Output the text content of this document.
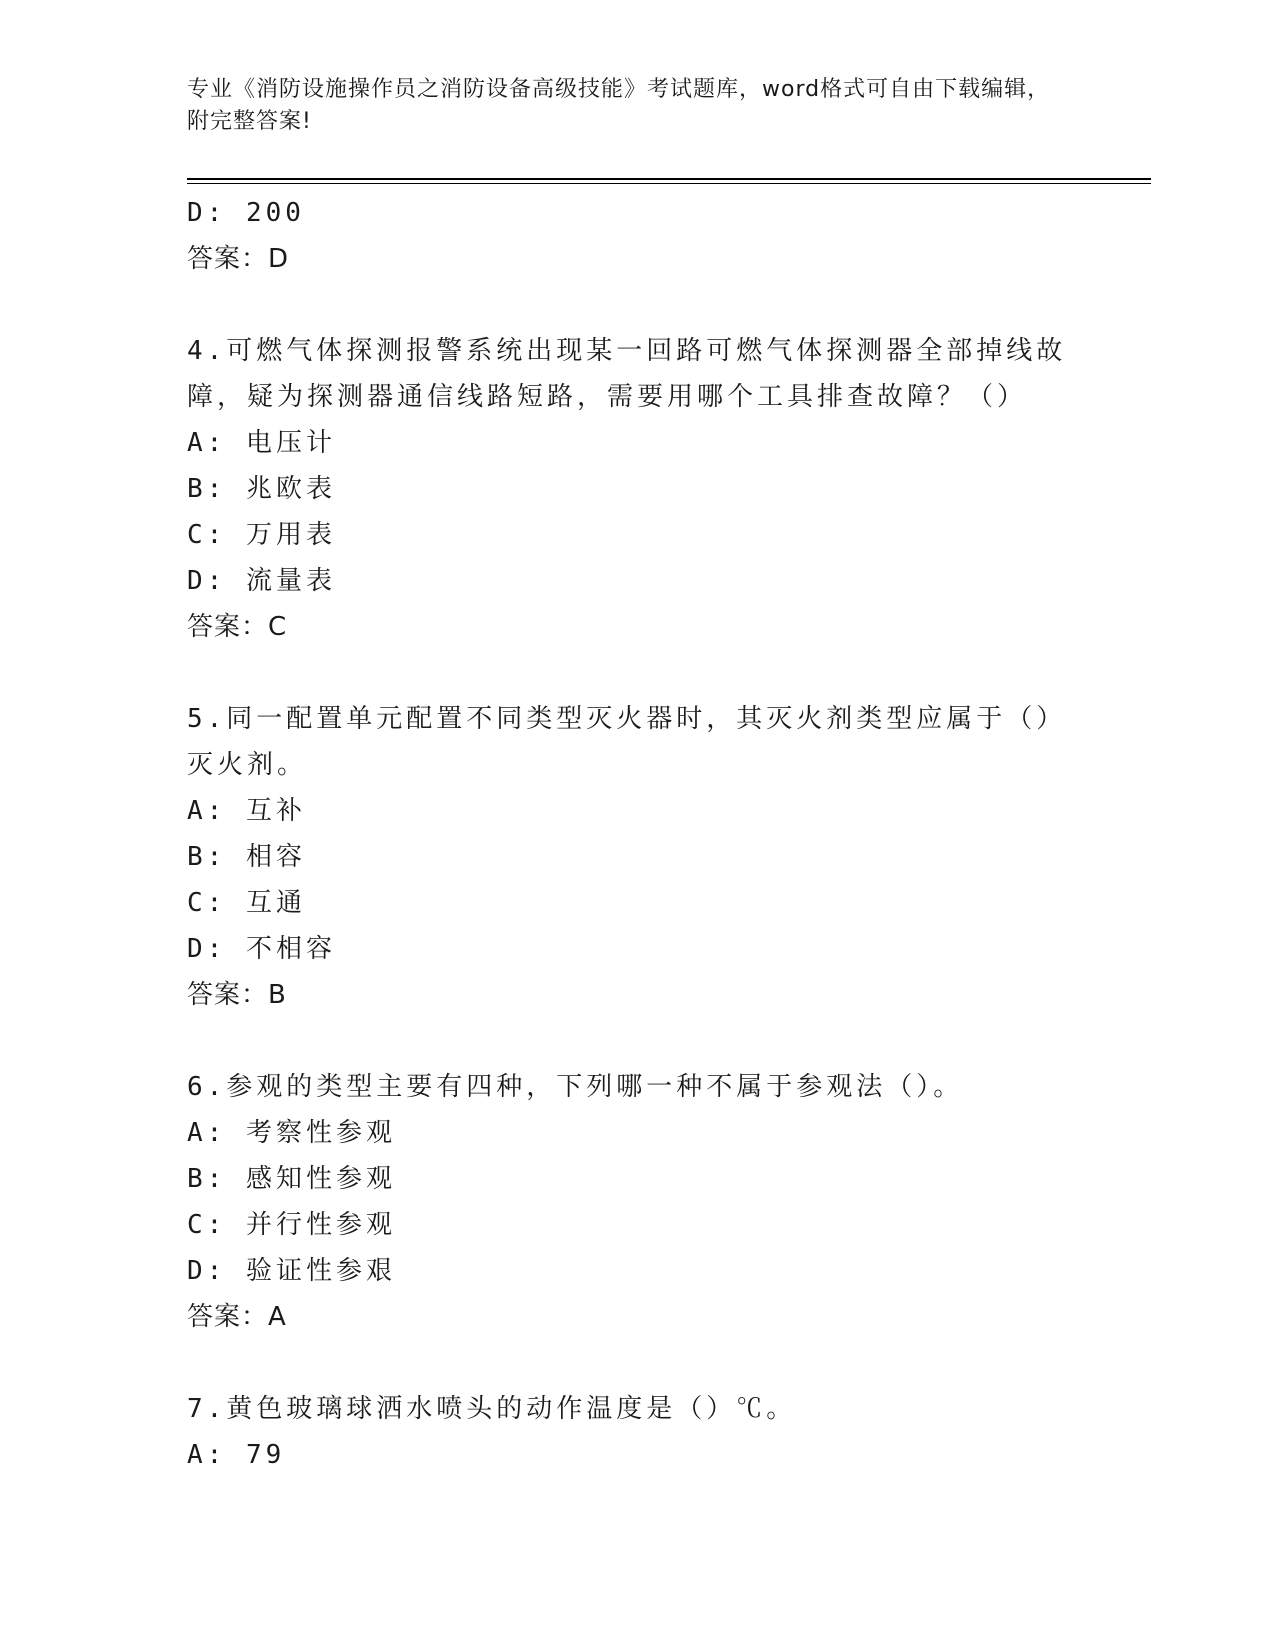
专业《消防设施操作员之消防设备高级技能》考试题库，word格式可自由下载编辑，附完整答案!
D: 200
答案：D
4.可燃气体探测报警系统出现某一回路可燃气体探测器全部掉线故障，疑为探测器通信线路短路，需要用哪个工具排查故障？（）
A: 电压计
B: 兆欧表
C: 万用表
D: 流量表
答案：C
5.同一配置单元配置不同类型灭火器时，其灭火剂类型应属于（）灭火剂。
A: 互补
B: 相容
C: 互通
D: 不相容
答案：B
6.参观的类型主要有四种，下列哪一种不属于参观法（）。
A: 考察性参观
B: 感知性参观
C: 并行性参观
D: 验证性参艰
答案：A
7.黄色玻璃球洒水喷头的动作温度是（）℃。
A: 79
